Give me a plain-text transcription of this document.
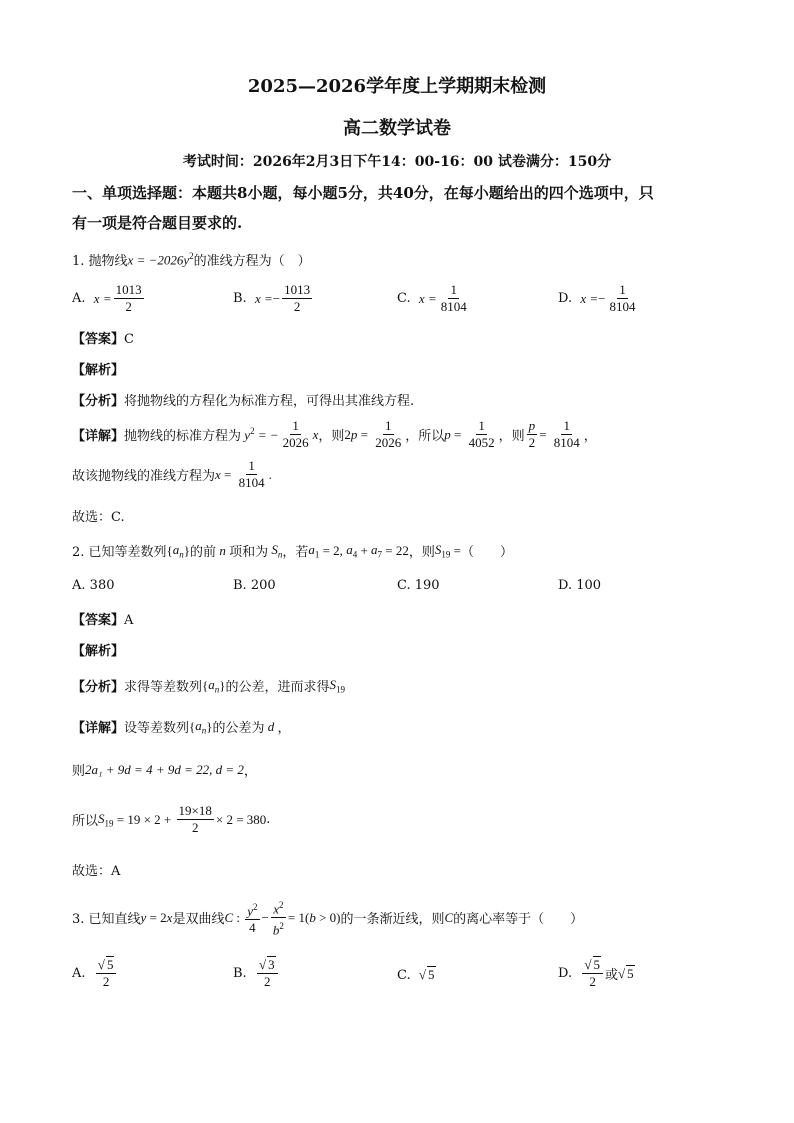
2025—2026学年度上学期期末检测
高二数学试卷
考试时间：2026年2月3日下午14：00-16：00 试卷满分：150分
一、单项选择题：本题共8小题，每小题5分，共40分，在每小题给出的四个选项中，只
有一项是符合题目要求的.
1. 抛物线 $x = -2026y^2$ 的准线方程为（　）
A.
$x = \frac{1013}{2}$	B.
x = − $\frac{1013}{2}$	C.
$x = \frac{1}{8104}$	D.
x = − $\frac{1}{8104}$
【答案】C
【解析】
【分析】将抛物线的方程化为标准方程，可得出其准线方程.
【详解】 抛物线的标准方程为 $y^2$ = − $\frac{1}{2026}$ x ，则 2 $p = \frac{1}{2026}$ ，所以 $p = \frac{1}{4052}$ ，则 $\frac{p}{2} = \frac{1}{8104}$ ，
故该抛物线的准线方程为 $x = \frac{1}{8104}$ .
故选：C.
2. 已知等差数列 { $a_n$ } 的前 n 项和为 $S_n$ ，若 $a_1 = 2$, $a_4 + a_7 = 22$ ，则 $S_{19}$ = （　　）
A. 380	B. 200	C. 190	D. 100
【答案】A
【解析】
【分析】 求得等差数列 { $a_n$ } 的公差，进而求得 $S_{19}$
【详解】 设等差数列 { $a_n$ } 的公差为 d ，
则 2a₁ + 9d = 4 + 9d = 22, d = 2 ，
所以 $S_{19} = 19 \times 2 + \frac{19\times 18}{2} \times 2 = 380$ .
故选：A
3. 已知直线 y = 2 x 是双曲线 C : $\frac{y^2}{4} - \frac{x^2}{b^2} = 1$( b > 0) 的一条渐近线，则 C 的离心率等于（　　）
A.
$\frac{√ 5}{2}$	B.
$\frac{√ 3}{2}$	C.
√ 5	D.
$\frac{√ 5}{2}$ 或 √ 5
